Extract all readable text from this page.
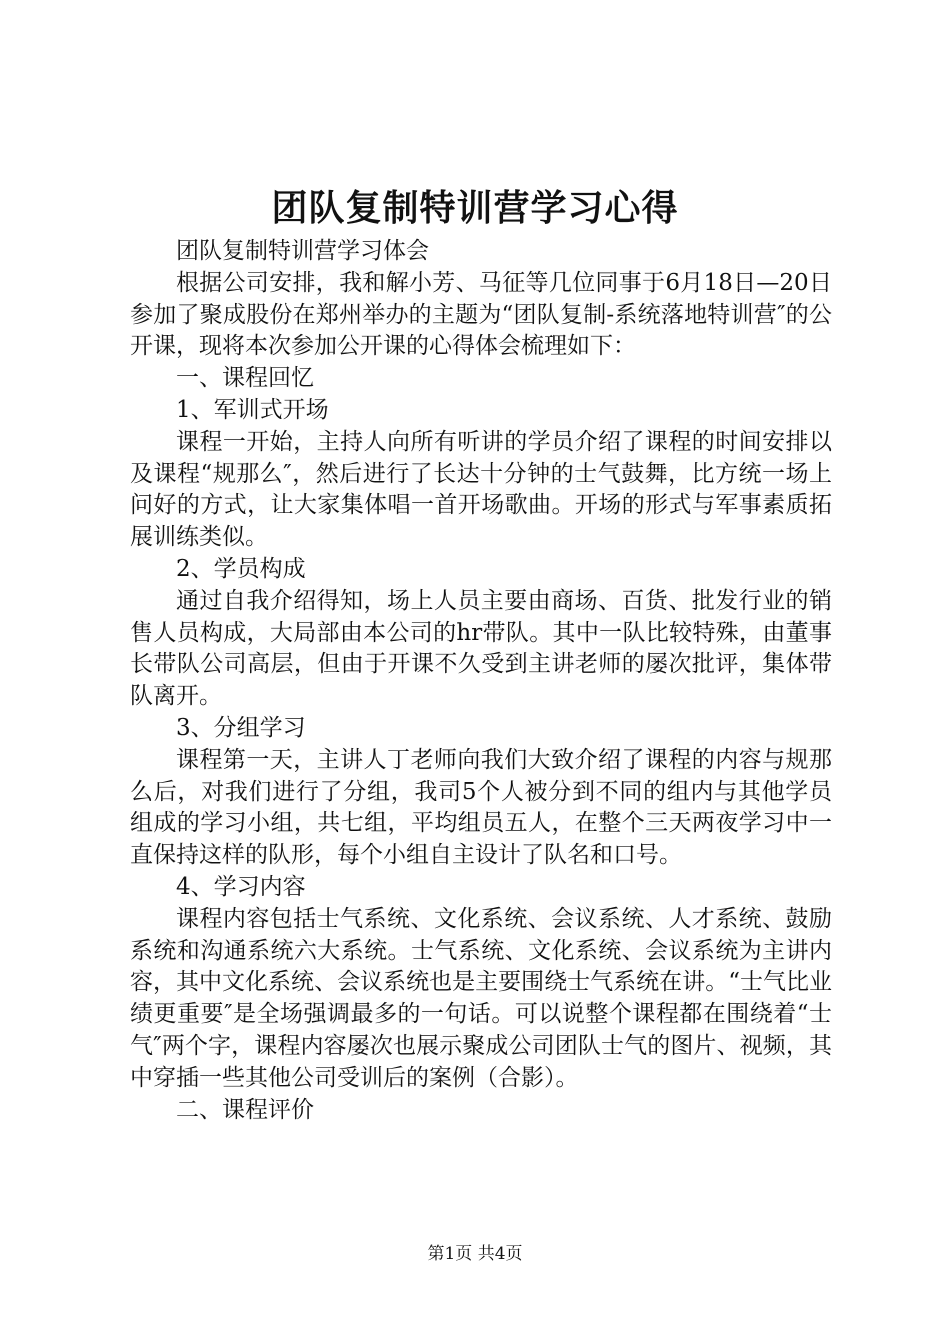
团队复制特训营学习心得

团队复制特训营学习体会

根据公司安排，我和解小芳、马征等几位同事于6月18日—20日参加了聚成股份在郑州举办的主题为“团队复制-系统落地特训营″的公开课，现将本次参加公开课的心得体会梳理如下：

一、课程回忆

1、军训式开场

课程一开始，主持人向所有听讲的学员介绍了课程的时间安排以及课程“规那么″，然后进行了长达十分钟的士气鼓舞，比方统一场上问好的方式，让大家集体唱一首开场歌曲。开场的形式与军事素质拓展训练类似。

2、学员构成

通过自我介绍得知，场上人员主要由商场、百货、批发行业的销售人员构成，大局部由本公司的hr带队。其中一队比较特殊，由董事长带队公司高层，但由于开课不久受到主讲老师的屡次批评，集体带队离开。

3、分组学习

课程第一天，主讲人丁老师向我们大致介绍了课程的内容与规那么后，对我们进行了分组，我司5个人被分到不同的组内与其他学员组成的学习小组，共七组，平均组员五人，在整个三天两夜学习中一直保持这样的队形，每个小组自主设计了队名和口号。

4、学习内容

课程内容包括士气系统、文化系统、会议系统、人才系统、鼓励系统和沟通系统六大系统。士气系统、文化系统、会议系统为主讲内容，其中文化系统、会议系统也是主要围绕士气系统在讲。“士气比业绩更重要″是全场强调最多的一句话。可以说整个课程都在围绕着“士气″两个字，课程内容屡次也展示聚成公司团队士气的图片、视频，其中穿插一些其他公司受训后的案例（合影）。

二、课程评价

第1页 共4页
